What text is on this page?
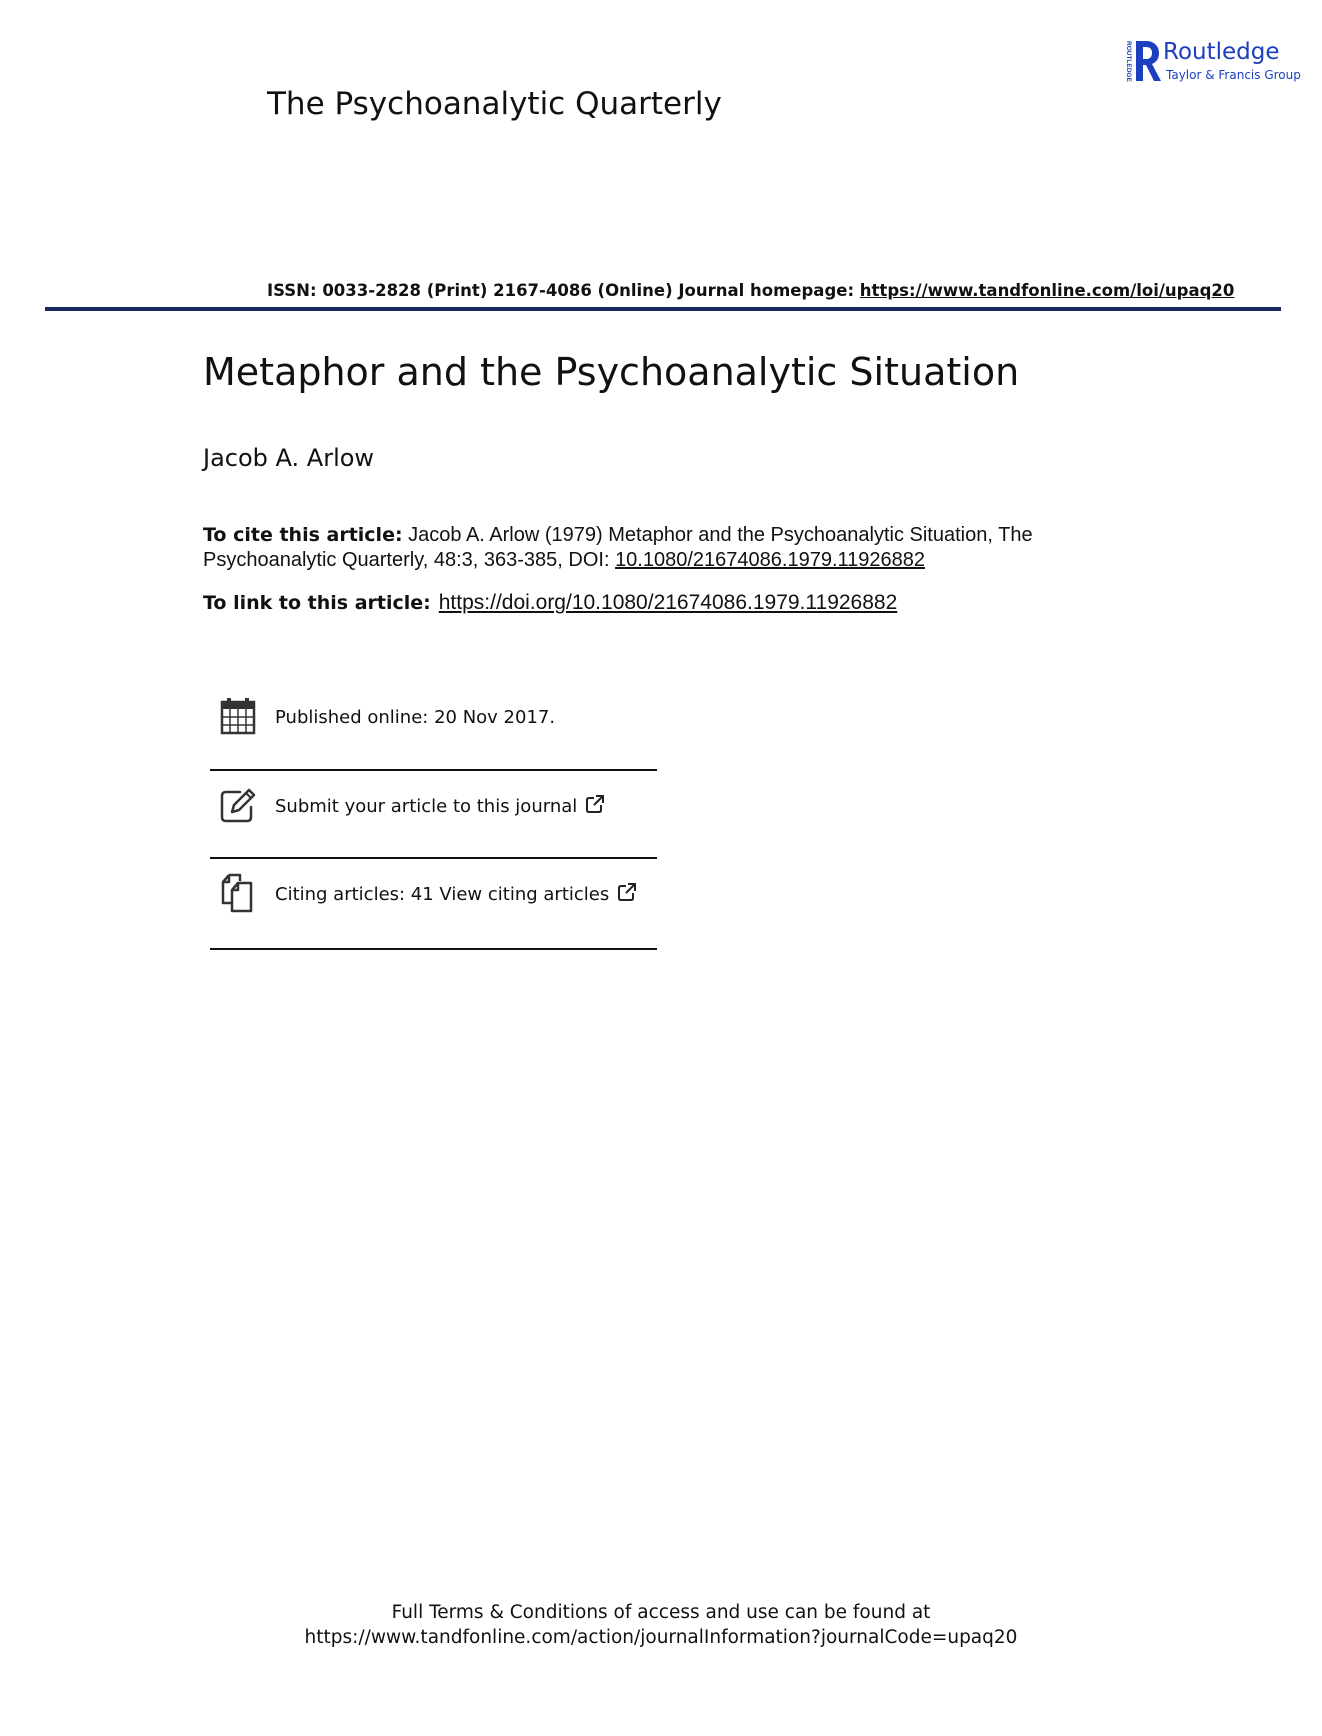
The Psychoanalytic Quarterly
ROUTLEDGE Routledge
Taylor & Francis Group
ISSN: 0033-2828 (Print) 2167-4086 (Online) Journal homepage: https://www.tandfonline.com/loi/upaq20
Metaphor and the Psychoanalytic Situation
Jacob A. Arlow
To cite this article: Jacob A. Arlow (1979) Metaphor and the Psychoanalytic Situation, The Psychoanalytic Quarterly, 48:3, 363-385, DOI: 10.1080/21674086.1979.11926882
To link to this article: https://doi.org/10.1080/21674086.1979.11926882
Published online: 20 Nov 2017.
Submit your article to this journal
Citing articles: 41 View citing articles
Full Terms & Conditions of access and use can be found at
https://www.tandfonline.com/action/journalInformation?journalCode=upaq20
